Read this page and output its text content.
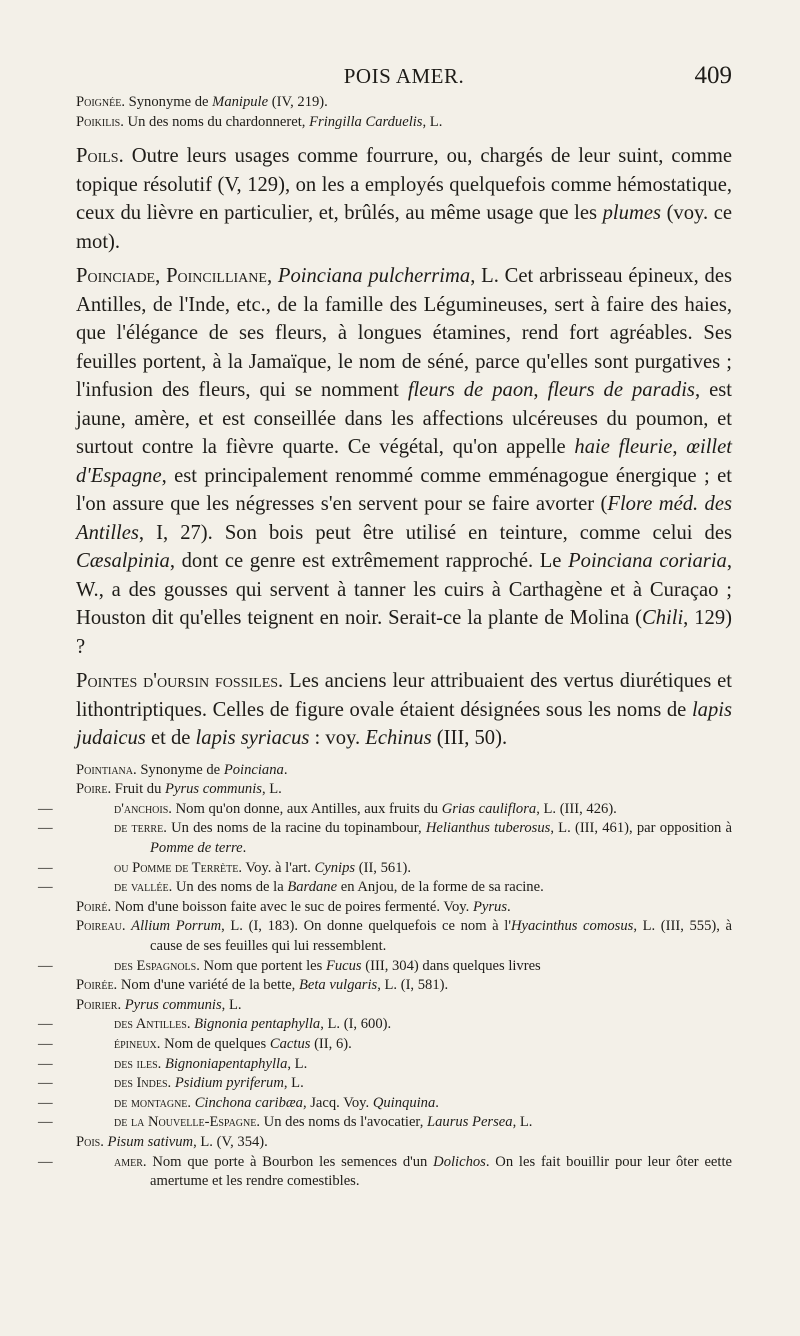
POIS AMER.	409

Poignée. Synonyme de Manipule (IV, 219).

Poikilis. Un des noms du chardonneret, Fringilla Carduelis, L.

Poils. Outre leurs usages comme fourrure, ou, chargés de leur suint, comme topique résolutif (V, 129), on les a employés quelquefois comme hémostatique, ceux du lièvre en particulier, et, brûlés, au même usage que les plumes (voy. ce mot).

Poinciade, Poincilliane, Poinciana pulcherrima, L. Cet arbrisseau épineux, des Antilles, de l'Inde, etc., de la famille des Légumineuses, sert à faire des haies, que l'élégance de ses fleurs, à longues étamines, rend fort agréables. Ses feuilles portent, à la Jamaïque, le nom de séné, parce qu'elles sont purgatives ; l'infusion des fleurs, qui se nomment fleurs de paon, fleurs de paradis, est jaune, amère, et est conseillée dans les affections ulcéreuses du poumon, et surtout contre la fièvre quarte. Ce végétal, qu'on appelle haie fleurie, œillet d'Espagne, est principalement renommé comme emménagogue énergique ; et l'on assure que les négresses s'en servent pour se faire avorter (Flore méd. des Antilles, I, 27). Son bois peut être utilisé en teinture, comme celui des Cæsalpinia, dont ce genre est extrêmement rapproché. Le Poinciana coriaria, W., a des gousses qui servent à tanner les cuirs à Carthagène et à Curaçao ; Houston dit qu'elles teignent en noir. Serait-ce la plante de Molina (Chili, 129) ?

Pointes d'oursin fossiles. Les anciens leur attribuaient des vertus diurétiques et lithontriptiques. Celles de figure ovale étaient désignées sous les noms de lapis judaicus et de lapis syriacus : voy. Echinus (III, 50).

Pointiana. Synonyme de Poinciana.

Poire. Fruit du Pyrus communis, L.

—	d'anchois. Nom qu'on donne, aux Antilles, aux fruits du Grias cauliflora, L. (III, 426).

—	de terre. Un des noms de la racine du topinambour, Helianthus tuberosus, L. (III, 461), par opposition à Pomme de terre.

—	ou Pomme de Terrète. Voy. à l'art. Cynips (II, 561).

—	de vallée. Un des noms de la Bardane en Anjou, de la forme de sa racine.

Poiré. Nom d'une boisson faite avec le suc de poires fermenté. Voy. Pyrus.

Poireau. Allium Porrum, L. (I, 183). On donne quelquefois ce nom à l'Hyacinthus comosus, L. (III, 555), à cause de ses feuilles qui lui ressemblent.

—	des Espagnols. Nom que portent les Fucus (III, 304) dans quelques livres

Poirée. Nom d'une variété de la bette, Beta vulgaris, L. (I, 581).

Poirier. Pyrus communis, L.

—	des Antilles. Bignonia pentaphylla, L. (I, 600).

—	épineux. Nom de quelques Cactus (II, 6).

—	des iles. Bignoniapentaphylla, L.

—	des Indes. Psidium pyriferum, L.

—	de montagne. Cinchona caribæa, Jacq. Voy. Quinquina.

—	de la Nouvelle-Espagne. Un des noms ds l'avocatier, Laurus Persea, L.

Pois. Pisum sativum, L. (V, 354).

—	amer. Nom que porte à Bourbon les semences d'un Dolichos. On les fait bouillir pour leur ôter eette amertume et les rendre comestibles.
